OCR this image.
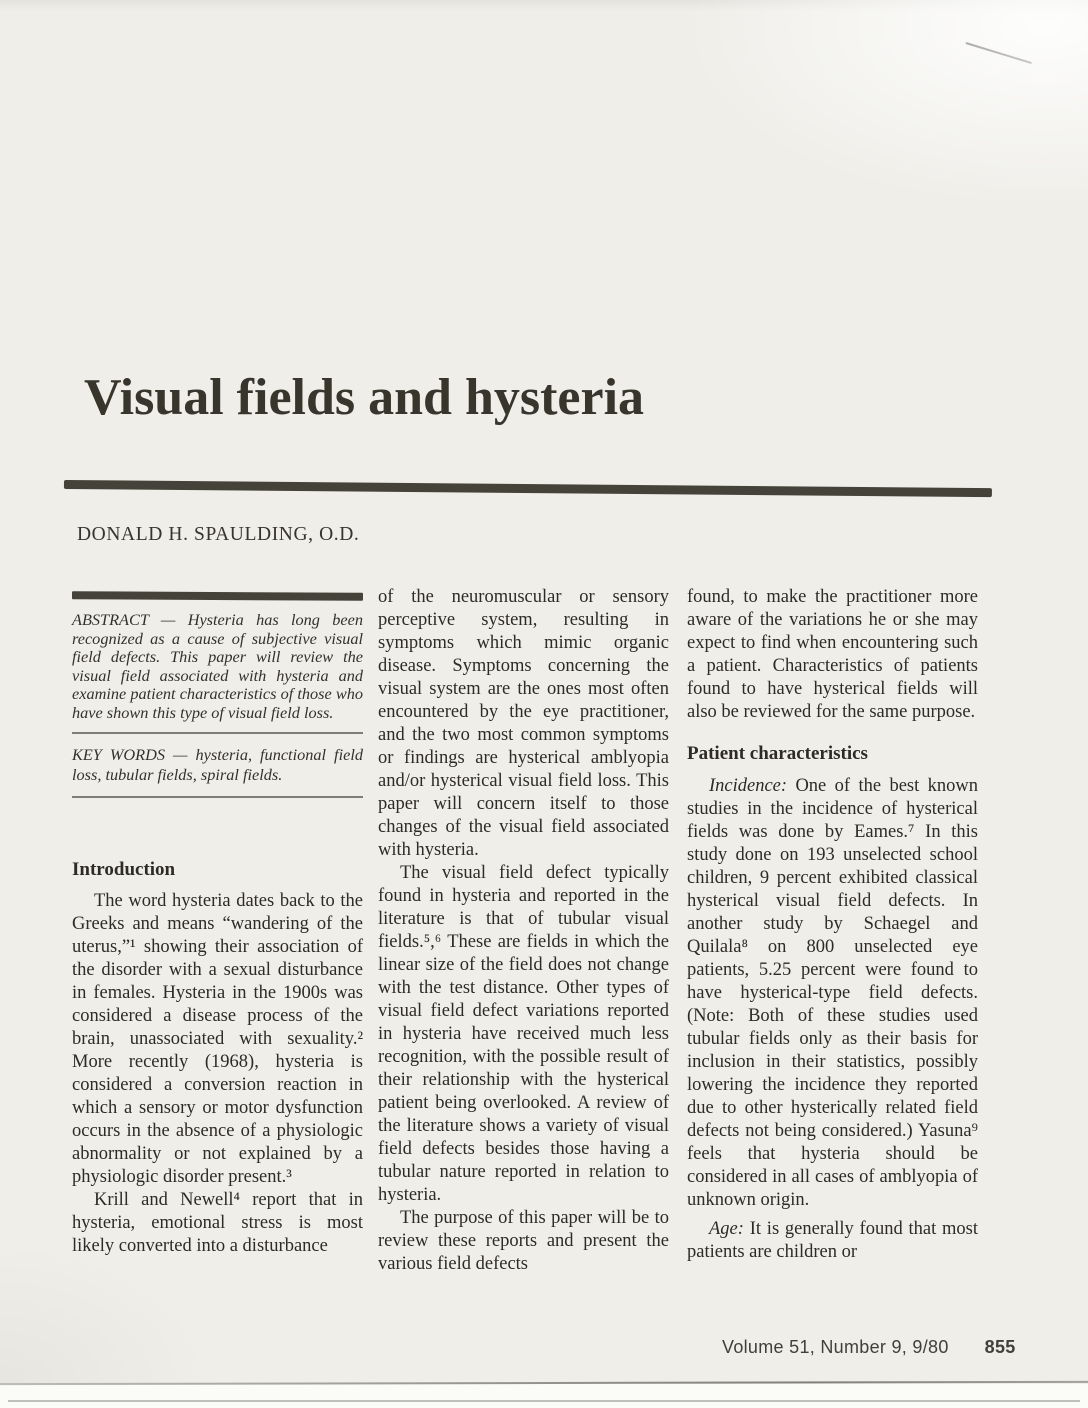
Visual fields and hysteria
DONALD H. SPAULDING, O.D.

ABSTRACT — Hysteria has long been recognized as a cause of subjective visual field defects. This paper will review the visual field associated with hysteria and examine patient characteristics of those who have shown this type of visual field loss.

KEY WORDS — hysteria, functional field loss, tubular fields, spiral fields.

Introduction

The word hysteria dates back to the Greeks and means “wandering of the uterus,”¹ showing their association of the disorder with a sexual disturbance in females. Hysteria in the 1900s was considered a disease process of the brain, unassociated with sexuality.² More recently (1968), hysteria is considered a conversion reaction in which a sensory or motor dysfunction occurs in the absence of a physiologic abnormality or not explained by a physiologic disorder present.³

Krill and Newell⁴ report that in hysteria, emotional stress is most likely converted into a disturbance

of the neuromuscular or sensory perceptive system, resulting in symptoms which mimic organic disease. Symptoms concerning the visual system are the ones most often encountered by the eye practitioner, and the two most common symptoms or findings are hysterical amblyopia and/or hysterical visual field loss. This paper will concern itself to those changes of the visual field associated with hysteria.

The visual field defect typically found in hysteria and reported in the literature is that of tubular visual fields.⁵,⁶ These are fields in which the linear size of the field does not change with the test distance. Other types of visual field defect variations reported in hysteria have received much less recognition, with the possible result of their relationship with the hysterical patient being overlooked. A review of the literature shows a variety of visual field defects besides those having a tubular nature reported in relation to hysteria.

The purpose of this paper will be to review these reports and present the various field defects

found, to make the practitioner more aware of the variations he or she may expect to find when encountering such a patient. Characteristics of patients found to have hysterical fields will also be reviewed for the same purpose.

Patient characteristics

Incidence: One of the best known studies in the incidence of hysterical fields was done by Eames.⁷ In this study done on 193 unselected school children, 9 percent exhibited classical hysterical visual field defects. In another study by Schaegel and Quilala⁸ on 800 unselected eye patients, 5.25 percent were found to have hysterical-type field defects. (Note: Both of these studies used tubular fields only as their basis for inclusion in their statistics, possibly lowering the incidence they reported due to other hysterically related field defects not being considered.) Yasuna⁹ feels that hysteria should be considered in all cases of amblyopia of unknown origin.

Age: It is generally found that most patients are children or

Volume 51, Number 9, 9/80 855
